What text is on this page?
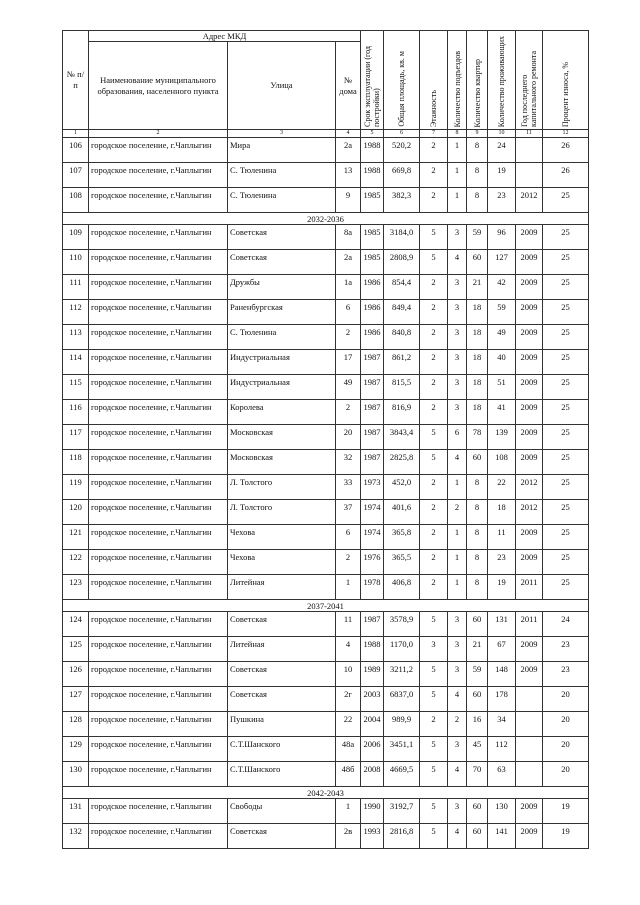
№ п/п	Адрес МКД			Срок эксплуатации (год постройки)	Общая площадь, кв. м	Этажность	Количество подъездов	Количество квартир	Количество проживающих	Год последнего капитального ремонта	Процент износа, %
	Наименование муниципального образования, населенного пункта	Улица	№ дома								
1	2	3	4	5	6	7	8	9	10	11	12
106	городское поселение, г.Чаплыгин	Мира	2а	1988	520,2	2	1	8	24		26
107	городское поселение, г.Чаплыгин	С. Тюленина	13	1988	669,8	2	1	8	19		26
108	городское поселение, г.Чаплыгин	С. Тюленина	9	1985	382,3	2	1	8	23	2012	25
2032-2036											
109	городское поселение, г.Чаплыгин	Советская	8а	1985	3184,0	5	3	59	96	2009	25
110	городское поселение, г.Чаплыгин	Советская	2а	1985	2808,9	5	4	60	127	2009	25
111	городское поселение, г.Чаплыгин	Дружбы	1а	1986	854,4	2	3	21	42	2009	25
112	городское поселение, г.Чаплыгин	Раненбургская	6	1986	849,4	2	3	18	59	2009	25
113	городское поселение, г.Чаплыгин	С. Тюленина	2	1986	840,8	2	3	18	49	2009	25
114	городское поселение, г.Чаплыгин	Индустриальная	17	1987	861,2	2	3	18	40	2009	25
115	городское поселение, г.Чаплыгин	Индустриальная	49	1987	815,5	2	3	18	51	2009	25
116	городское поселение, г.Чаплыгин	Королева	2	1987	816,9	2	3	18	41	2009	25
117	городское поселение, г.Чаплыгин	Московская	20	1987	3843,4	5	6	78	139	2009	25
118	городское поселение, г.Чаплыгин	Московская	32	1987	2825,8	5	4	60	108	2009	25
119	городское поселение, г.Чаплыгин	Л. Толстого	33	1973	452,0	2	1	8	22	2012	25
120	городское поселение, г.Чаплыгин	Л. Толстого	37	1974	401,6	2	2	8	18	2012	25
121	городское поселение, г.Чаплыгин	Чехова	6	1974	365,8	2	1	8	11	2009	25
122	городское поселение, г.Чаплыгин	Чехова	2	1976	365,5	2	1	8	23	2009	25
123	городское поселение, г.Чаплыгин	Литейная	1	1978	406,8	2	1	8	19	2011	25
2037-2041											
124	городское поселение, г.Чаплыгин	Советская	11	1987	3578,9	5	3	60	131	2011	24
125	городское поселение, г.Чаплыгин	Литейная	4	1988	1170,0	3	3	21	67	2009	23
126	городское поселение, г.Чаплыгин	Советская	10	1989	3211,2	5	3	59	148	2009	23
127	городское поселение, г.Чаплыгин	Советская	2г	2003	6837,0	5	4	60	178		20
128	городское поселение, г.Чаплыгин	Пушкина	22	2004	989,9	2	2	16	34		20
129	городское поселение, г.Чаплыгин	С.Т.Шанского	48а	2006	3451,1	5	3	45	112		20
130	городское поселение, г.Чаплыгин	С.Т.Шанского	48б	2008	4669,5	5	4	70	63		20
2042-2043											
131	городское поселение, г.Чаплыгин	Свободы	1	1990	3192,7	5	3	60	130	2009	19
132	городское поселение, г.Чаплыгин	Советская	2в	1993	2816,8	5	4	60	141	2009	19
